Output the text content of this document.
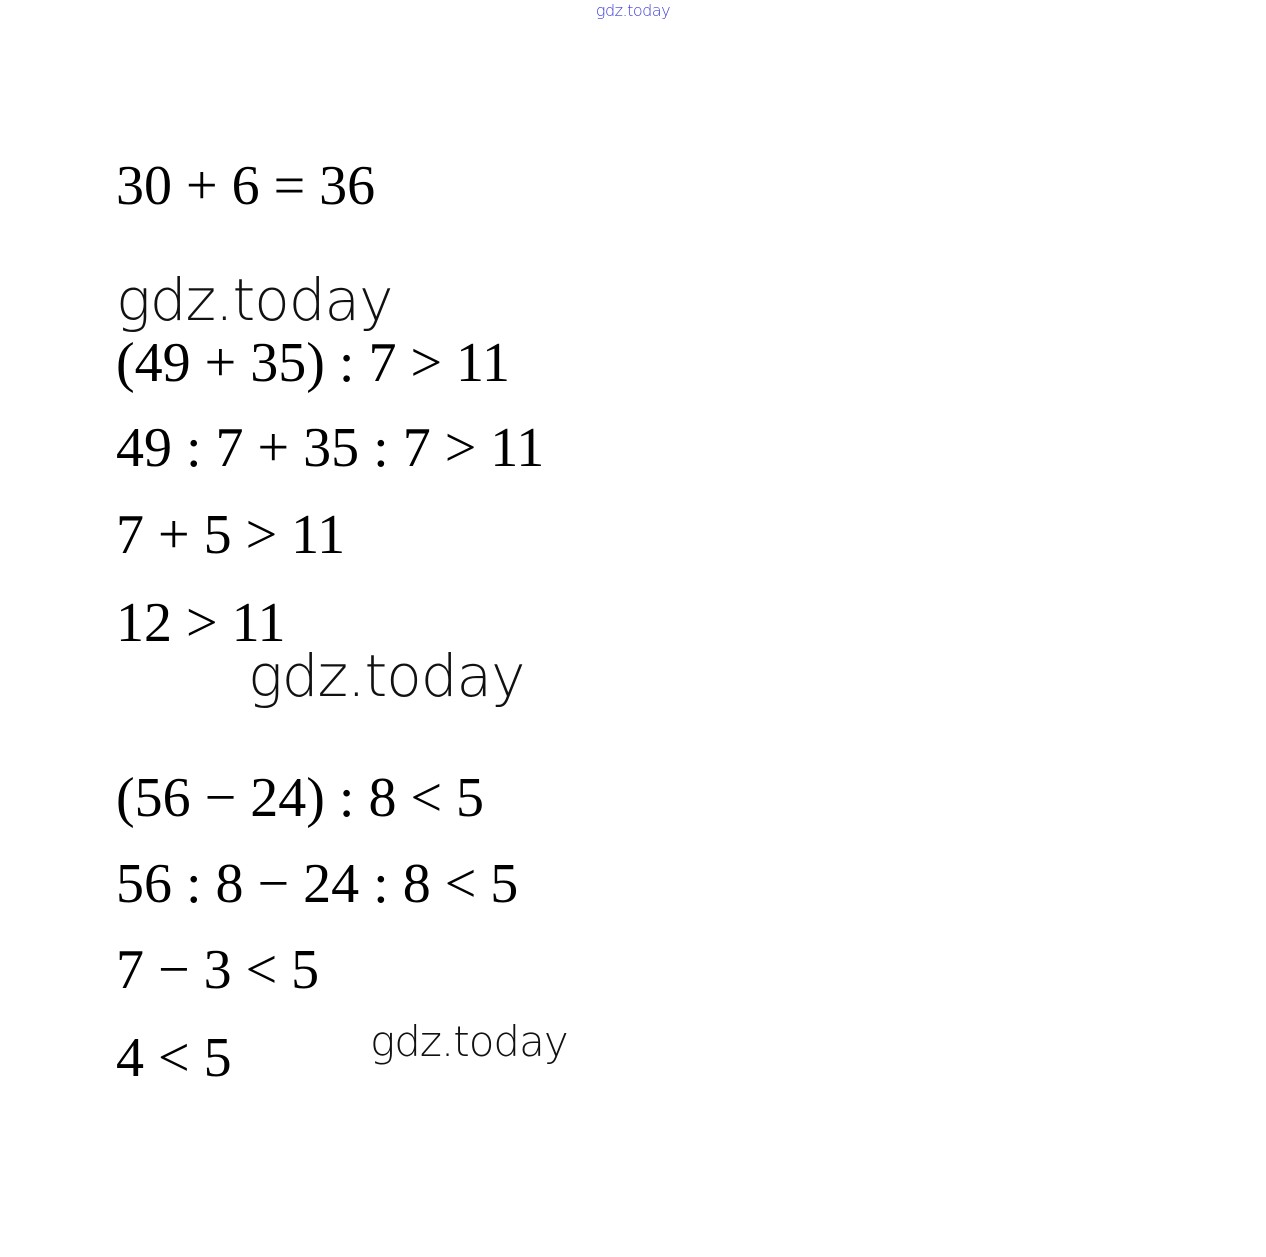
gdz.today
30 + 6 = 36
gdz.today
(49 + 35) : 7 > 11
49 : 7 + 35 : 7 > 11
7 + 5 > 11
12 > 11
gdz.today
(56 − 24) : 8 < 5
56 : 8 − 24 : 8 < 5
7 − 3 < 5
4 < 5	gdz.today
